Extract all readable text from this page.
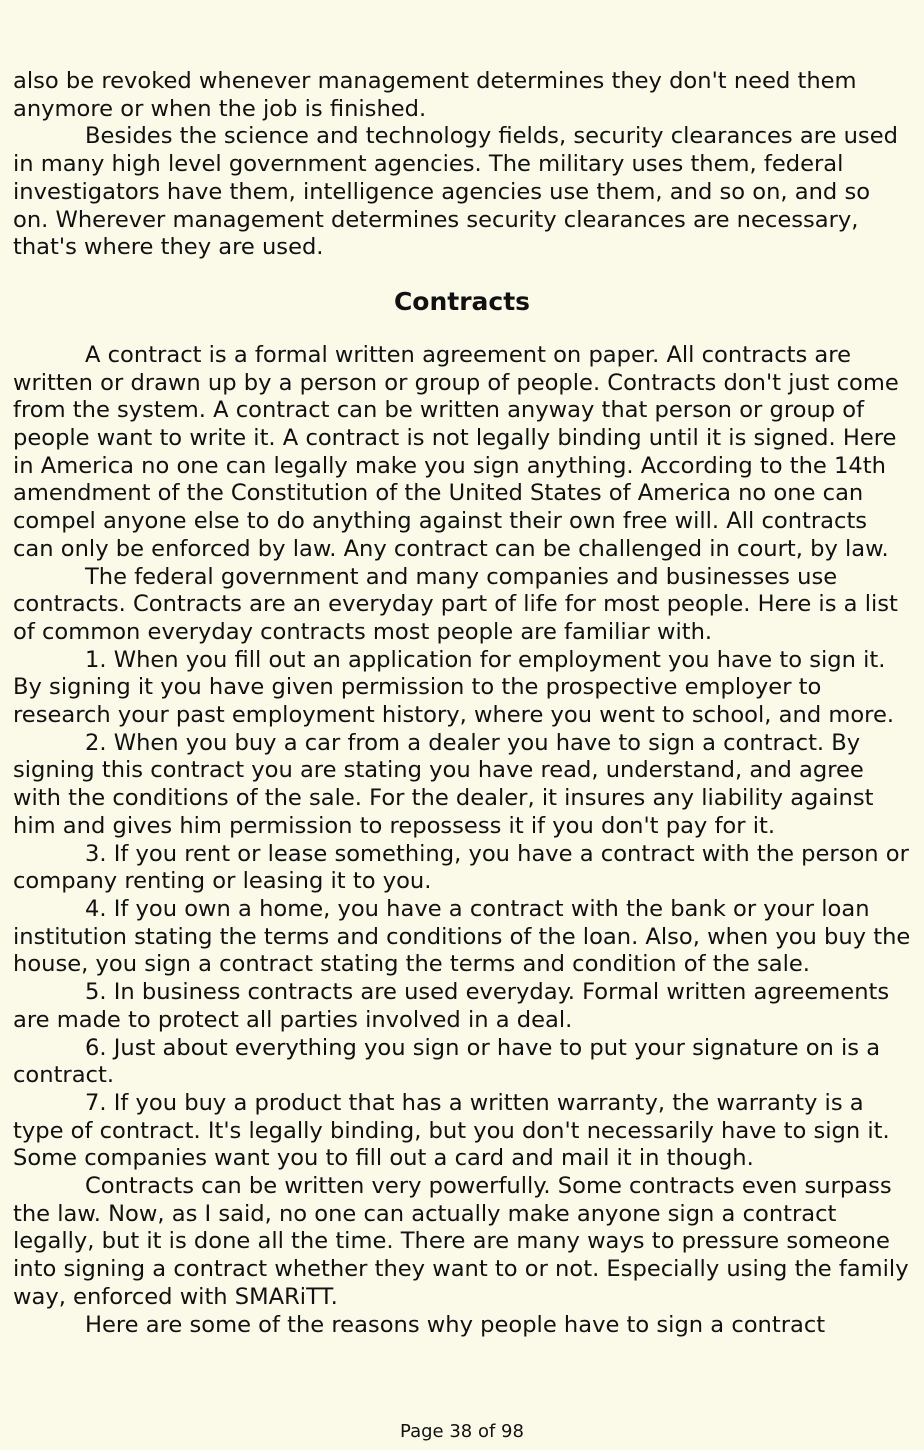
also be revoked whenever management determines they don't need them anymore or when the job is finished.

Besides the science and technology fields, security clearances are used in many high level government agencies. The military uses them, federal investigators have them, intelligence agencies use them, and so on, and so on. Wherever management determines security clearances are necessary, that's where they are used.

Contracts

A contract is a formal written agreement on paper. All contracts are written or drawn up by a person or group of people. Contracts don't just come from the system. A contract can be written anyway that person or group of people want to write it. A contract is not legally binding until it is signed. Here in America no one can legally make you sign anything. According to the 14th amendment of the Constitution of the United States of America no one can compel anyone else to do anything against their own free will. All contracts can only be enforced by law. Any contract can be challenged in court, by law.

The federal government and many companies and businesses use contracts. Contracts are an everyday part of life for most people. Here is a list of common everyday contracts most people are familiar with.

1. When you fill out an application for employment you have to sign it. By signing it you have given permission to the prospective employer to research your past employment history, where you went to school, and more.

2. When you buy a car from a dealer you have to sign a contract. By signing this contract you are stating you have read, understand, and agree with the conditions of the sale. For the dealer, it insures any liability against him and gives him permission to repossess it if you don't pay for it.

3. If you rent or lease something, you have a contract with the person or company renting or leasing it to you.

4. If you own a home, you have a contract with the bank or your loan institution stating the terms and conditions of the loan. Also, when you buy the house, you sign a contract stating the terms and condition of the sale.

5. In business contracts are used everyday. Formal written agreements are made to protect all parties involved in a deal.

6. Just about everything you sign or have to put your signature on is a contract.

7. If you buy a product that has a written warranty, the warranty is a type of contract. It's legally binding, but you don't necessarily have to sign it. Some companies want you to fill out a card and mail it in though.

Contracts can be written very powerfully. Some contracts even surpass the law. Now, as I said, no one can actually make anyone sign a contract legally, but it is done all the time. There are many ways to pressure someone into signing a contract whether they want to or not. Especially using the family way, enforced with SMARiTT.

Here are some of the reasons why people have to sign a contract

Page 38 of 98
